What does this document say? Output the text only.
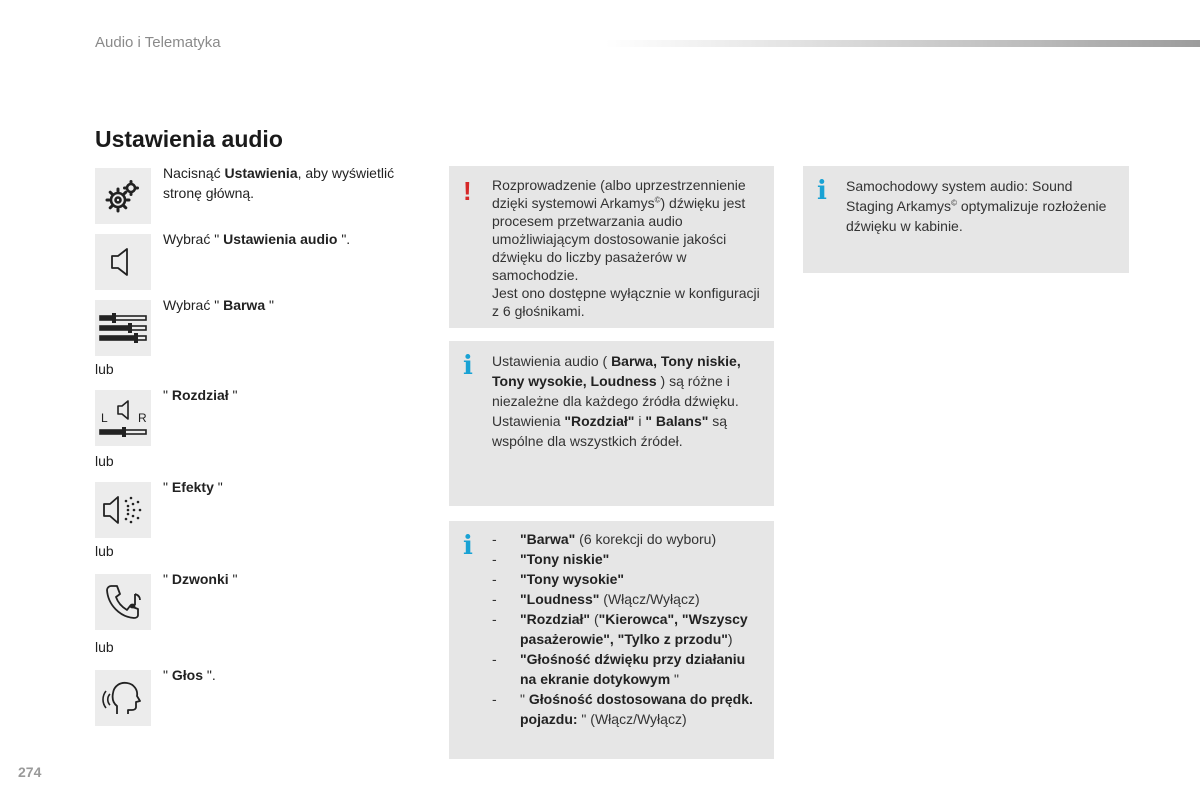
Audio i Telematyka
Ustawienia audio
Nacisnąć Ustawienia, aby wyświetlić stronę główną.
Wybrać " Ustawienia audio ".
Wybrać " Barwa "
lub
L	R
" Rozdział "
lub
" Efekty "
lub
" Dzwonki "
lub
" Głos ".
! Rozprowadzenie (albo uprzestrzennienie dzięki systemowi Arkamys©) dźwięku jest procesem przetwarzania audio umożliwiającym dostosowanie jakości dźwięku do liczby pasażerów w samochodzie.
Jest ono dostępne wyłącznie w konfiguracji z 6 głośnikami.
i Ustawienia audio ( Barwa, Tony niskie, Tony wysokie, Loudness ) są różne i niezależne dla każdego źródła dźwięku.
Ustawienia "Rozdział" i " Balans" są wspólne dla wszystkich źródeł.
i - "Barwa" (6 korekcji do wyboru)
- "Tony niskie"
- "Tony wysokie"
- "Loudness" (Włącz/Wyłącz)
- "Rozdział" ("Kierowca", "Wszyscy pasażerowie", "Tylko z przodu")
- "Głośność dźwięku przy działaniu na ekranie dotykowym "
- " Głośność dostosowana do prędk. pojazdu: " (Włącz/Wyłącz)
i Samochodowy system audio: Sound Staging Arkamys© optymalizuje rozłożenie dźwięku w kabinie.
274
